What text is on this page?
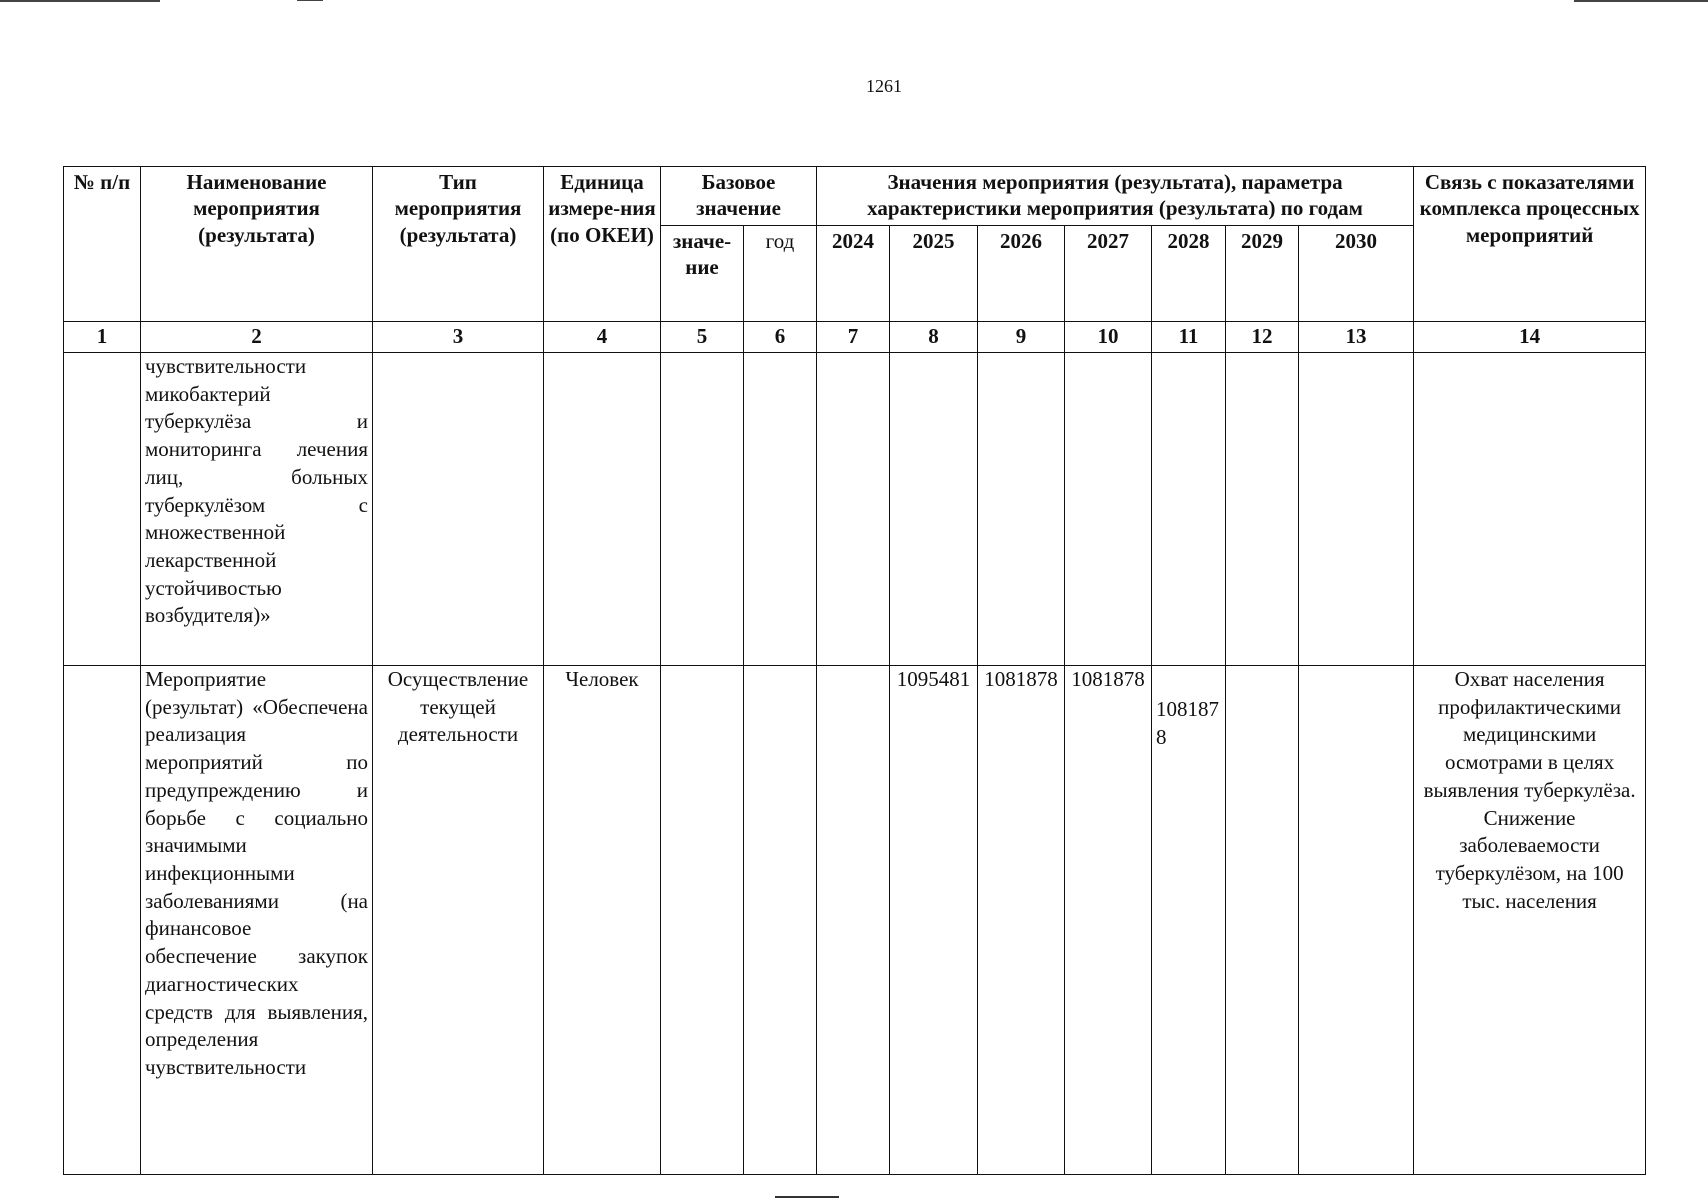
1261
№ п/п	Наименование мероприятия (результата)	Тип мероприятия (результата)	Единица измере-ния (по ОКЕИ)	Базовое значение		Значения мероприятия (результата), параметра характеристики мероприятия (результата) по годам							Связь с показателями комплекса процессных мероприятий
				значе-ние	год	2024	2025	2026	2027	2028	2029	2030	
1	2	3	4	5	6	7	8	9	10	11	12	13	14
	чувствительности микобактерий туберкулёза и мониторинга лечения лиц, больных туберкулёзом с множественной лекарственной устойчивостью возбудителя)»												
	Мероприятие (результат) «Обеспечена реализация мероприятий по предупреждению и борьбе с социально значимыми инфекционными заболеваниями (на финансовое обеспечение закупок диагностических средств для выявления, определения чувствительности	Осуществление текущей деятельности	Человек				1095481	1081878	1081878	1081878			Охват населения профилактическими медицинскими осмотрами в целях выявления туберкулёза. Снижение заболеваемости туберкулёзом, на 100 тыс. населения
